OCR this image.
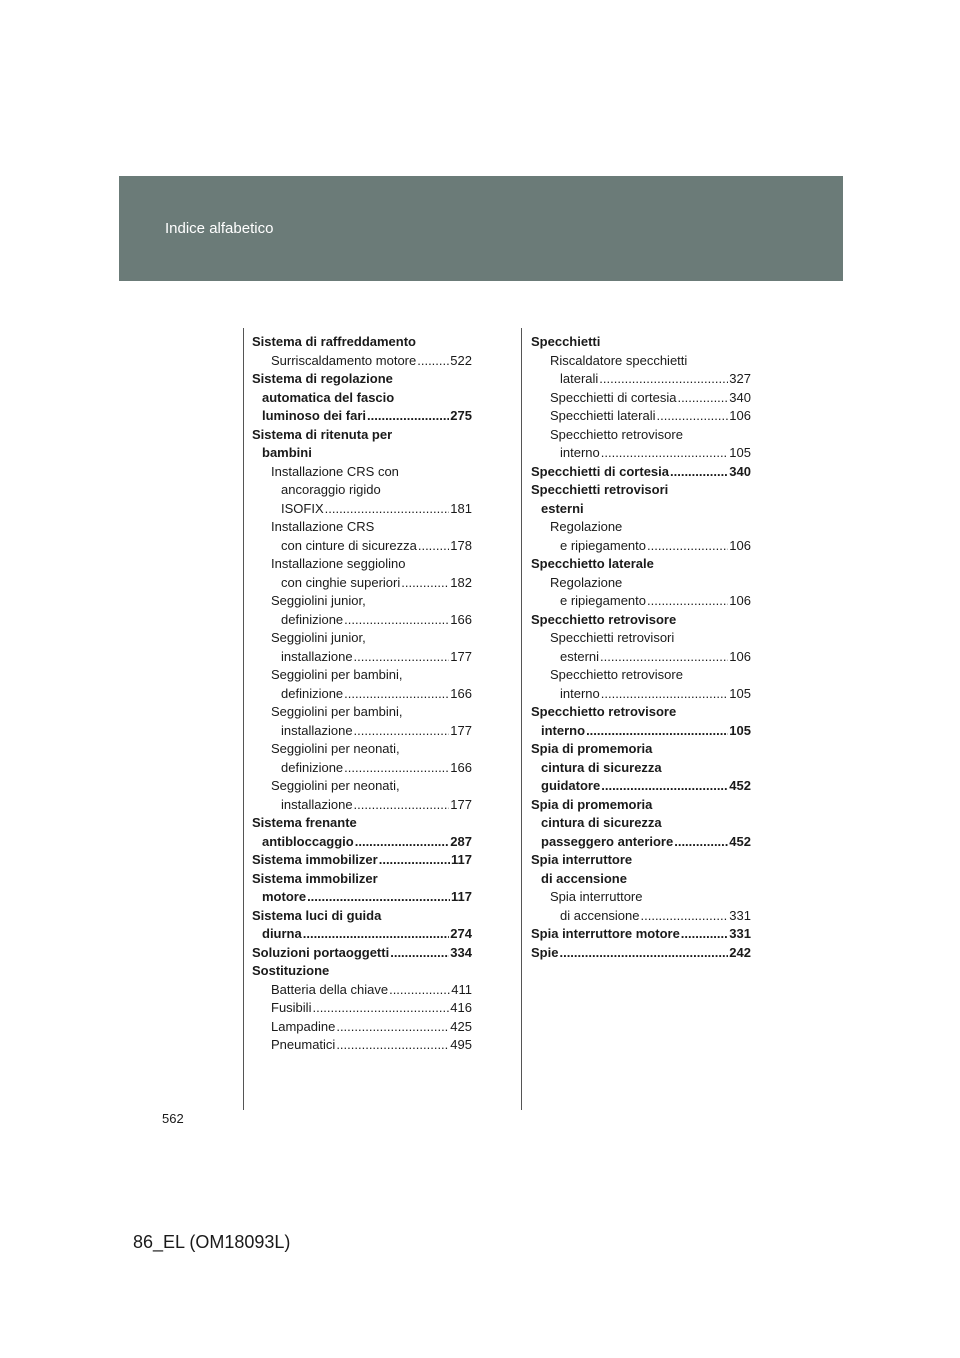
Indice alfabetico
Sistema di raffreddamento
Surriscaldamento motore .....	522
Sistema di regolazione
automatica del fascio
luminoso dei fari .....	275
Sistema di ritenuta per
bambini
Installazione CRS con
ancoraggio rigido
ISOFIX .....	181
Installazione CRS
con cinture di sicurezza .....	178
Installazione seggiolino
con cinghie superiori .....	182
Seggiolini junior,
definizione .....	166
Seggiolini junior,
installazione .....	177
Seggiolini per bambini,
definizione .....	166
Seggiolini per bambini,
installazione .....	177
Seggiolini per neonati,
definizione .....	166
Seggiolini per neonati,
installazione .....	177
Sistema frenante
antibloccaggio .....	287
Sistema immobilizer .....	117
Sistema immobilizer
motore .....	117
Sistema luci di guida
diurna .....	274
Soluzioni portaoggetti .....	334
Sostituzione
Batteria della chiave .....	411
Fusibili .....	416
Lampadine .....	425
Pneumatici .....	495
Specchietti
Riscaldatore specchietti
laterali .....	327
Specchietti di cortesia .....	340
Specchietti laterali .....	106
Specchietto retrovisore
interno .....	105
Specchietti di cortesia .....	340
Specchietti retrovisori
esterni
Regolazione
e ripiegamento .....	106
Specchietto laterale
Regolazione
e ripiegamento .....	106
Specchietto retrovisore
Specchietti retrovisori
esterni .....	106
Specchietto retrovisore
interno .....	105
Specchietto retrovisore
interno .....	105
Spia di promemoria
cintura di sicurezza
guidatore .....	452
Spia di promemoria
cintura di sicurezza
passeggero anteriore .....	452
Spia interruttore
di accensione
Spia interruttore
di accensione .....	331
Spia interruttore motore .....	331
Spie .....	242
562
86_EL (OM18093L)
